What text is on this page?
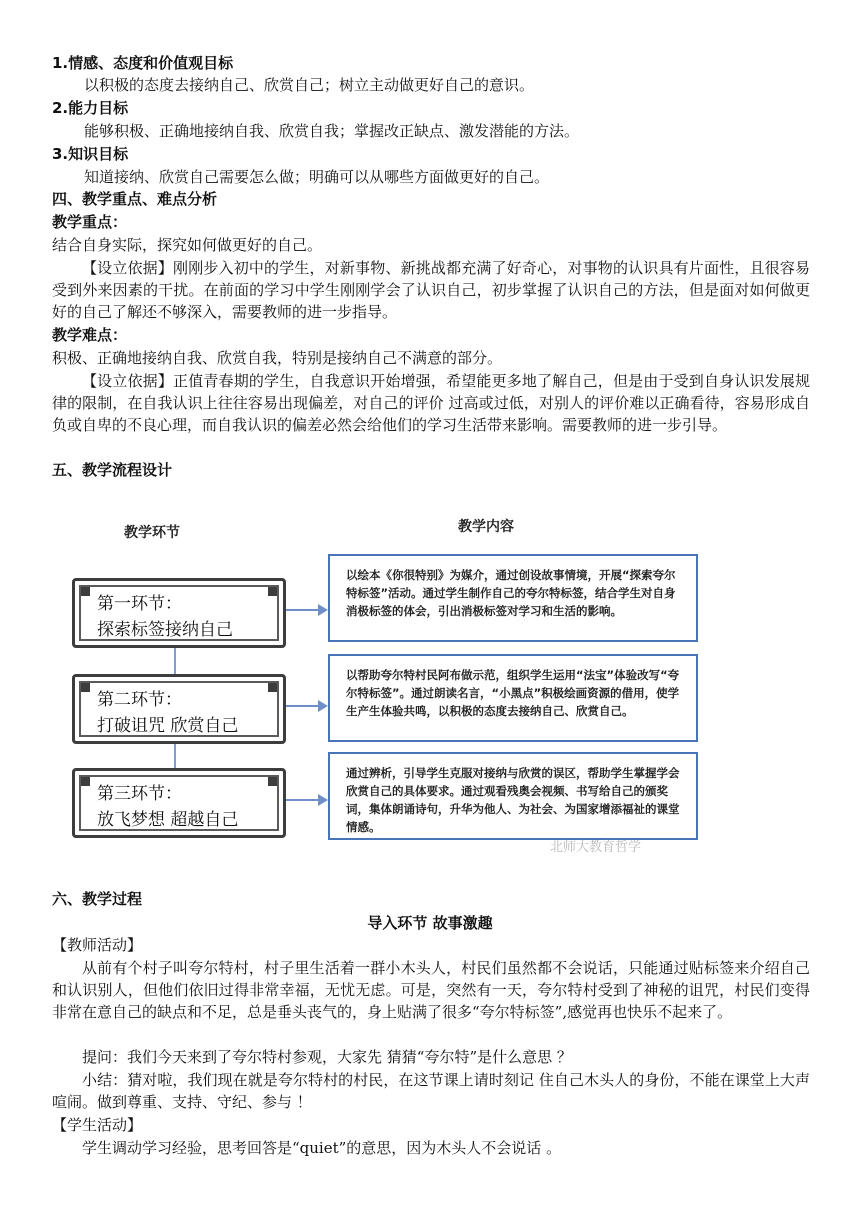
1.情感、态度和价值观目标
以积极的态度去接纳自己、欣赏自己；树立主动做更好自己的意识。
2.能力目标
能够积极、正确地接纳自我、欣赏自我；掌握改正缺点、激发潜能的方法。
3.知识目标
知道接纳、欣赏自己需要怎么做；明确可以从哪些方面做更好的自己。
四、教学重点、难点分析
教学重点：
结合自身实际，探究如何做更好的自己。
【设立依据】刚刚步入初中的学生，对新事物、新挑战都充满了好奇心，对事物的认识具有片面性，且很容易受到外来因素的干扰。在前面的学习中学生刚刚学会了认识自己，初步掌握了认识自己的方法，但是面对如何做更好的自己了解还不够深入，需要教师的进一步指导。
教学难点：
积极、正确地接纳自我、欣赏自我，特别是接纳自己不满意的部分。
【设立依据】正值青春期的学生，自我意识开始增强，希望能更多地了解自己，但是由于受到自身认识发展规律的限制，在自我认识上往往容易出现偏差，对自己的评价 过高或过低，对别人的评价难以正确看待，容易形成自负或自卑的不良心理，而自我认识的偏差必然会给他们的学习生活带来影响。需要教师的进一步引导。
五、教学流程设计
教学环节	教学内容
第一环节：
探索标签接纳自己
以绘本《你很特别》为媒介，通过创设故事情境，开展“探索夸尔特标签”活动。通过学生制作自己的夸尔特标签，结合学生对自身消极标签的体会，引出消极标签对学习和生活的影响。
第二环节：
打破诅咒 欣赏自己
以帮助夸尔特村民阿布做示范，组织学生运用“法宝”体验改写“夸尔特标签”。通过朗读名言，“小黑点”积极绘画资源的借用，使学生产生体验共鸣，以积极的态度去接纳自己、欣赏自己。
第三环节：
放飞梦想 超越自己
通过辨析，引导学生克服对接纳与欣赏的误区，帮助学生掌握学会欣赏自己的具体要求。通过观看残奥会视频、书写给自己的颁奖词，集体朗诵诗句，升华为他人、为社会、为国家增添福祉的课堂情感。
北师大教育哲学
六、教学过程
导入环节 故事激趣
【教师活动】
从前有个村子叫夸尔特村，村子里生活着一群小木头人，村民们虽然都不会说话，只能通过贴标签来介绍自己和认识别人，但他们依旧过得非常幸福，无忧无虑。可是，突然有一天，夸尔特村受到了神秘的诅咒，村民们变得非常在意自己的缺点和不足，总是垂头丧气的，身上贴满了很多“夸尔特标签”,感觉再也快乐不起来了。
提问：我们今天来到了夸尔特村参观，大家先 猜猜“夸尔特”是什么意思 ？
小结：猜对啦，我们现在就是夸尔特村的村民，在这节课上请时刻记 住自己木头人的身份，不能在课堂上大声喧闹。做到尊重、支持、守纪、参与 ！
【学生活动】
学生调动学习经验，思考回答是“quiet”的意思，因为木头人不会说话 。
